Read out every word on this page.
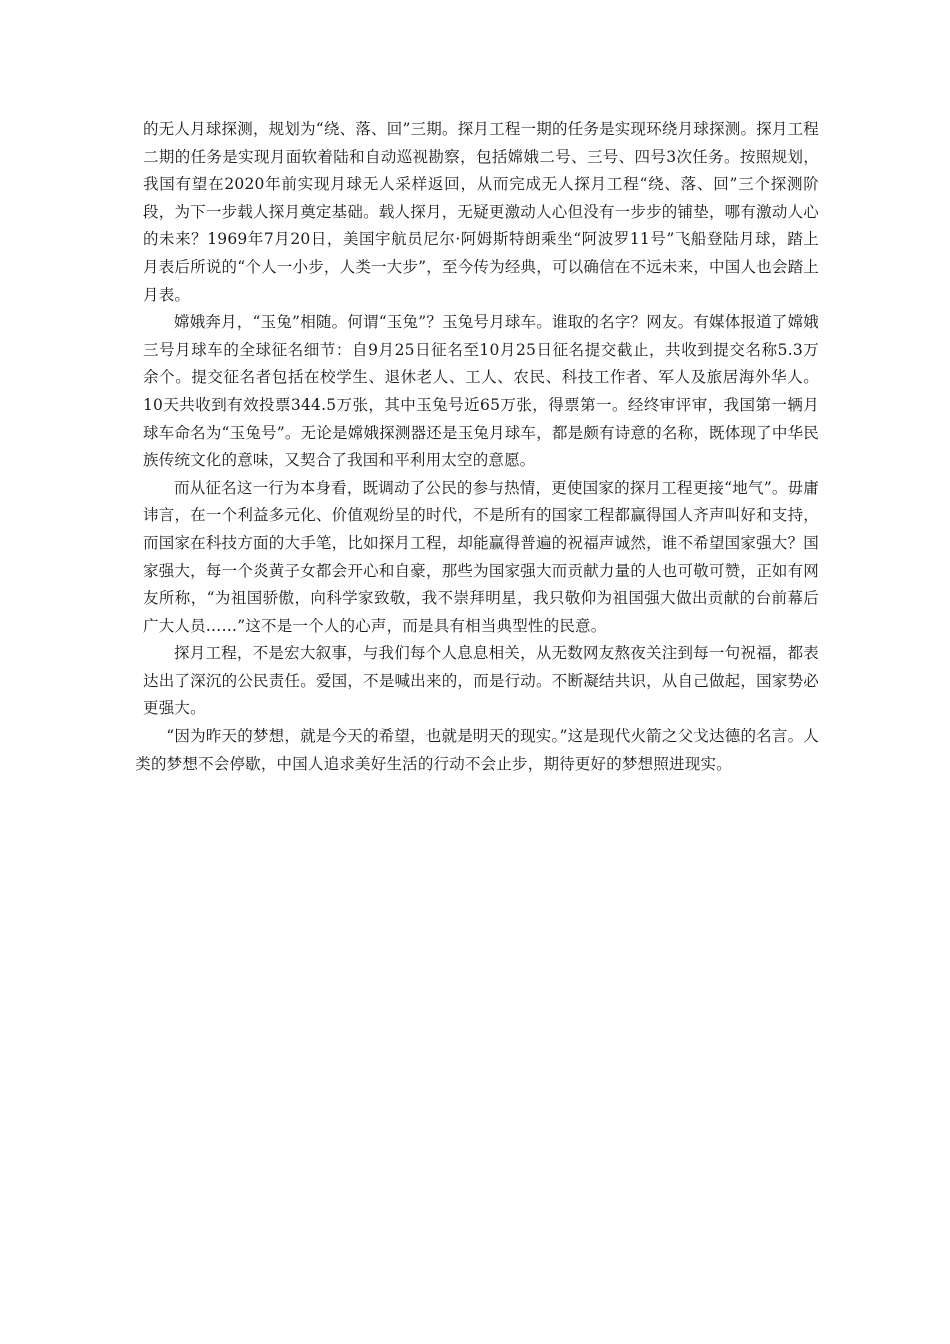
的无人月球探测，规划为“绕、落、回”三期。探月工程一期的任务是实现环绕月球探测。探月工程二期的任务是实现月面软着陆和自动巡视勘察，包括嫦娥二号、三号、四号3次任务。按照规划，我国有望在2020年前实现月球无人采样返回，从而完成无人探月工程“绕、落、回”三个探测阶段，为下一步载人探月奠定基础。载人探月，无疑更激动人心但没有一步步的铺垫，哪有激动人心的未来？1969年7月20日，美国宇航员尼尔·阿姆斯特朗乘坐“阿波罗11号”飞船登陆月球，踏上月表后所说的“个人一小步，人类一大步”，至今传为经典，可以确信在不远未来，中国人也会踏上月表。

嫦娥奔月，“玉兔”相随。何谓“玉兔”？玉兔号月球车。谁取的名字？网友。有媒体报道了嫦娥三号月球车的全球征名细节：自9月25日征名至10月25日征名提交截止，共收到提交名称5.3万余个。提交征名者包括在校学生、退休老人、工人、农民、科技工作者、军人及旅居海外华人。10天共收到有效投票344.5万张，其中玉兔号近65万张，得票第一。经终审评审，我国第一辆月球车命名为“玉兔号”。无论是嫦娥探测器还是玉兔月球车，都是颇有诗意的名称，既体现了中华民族传统文化的意味，又契合了我国和平利用太空的意愿。

而从征名这一行为本身看，既调动了公民的参与热情，更使国家的探月工程更接“地气”。毋庸讳言，在一个利益多元化、价值观纷呈的时代，不是所有的国家工程都赢得国人齐声叫好和支持，而国家在科技方面的大手笔，比如探月工程，却能赢得普遍的祝福声诚然，谁不希望国家强大？国家强大，每一个炎黄子女都会开心和自豪，那些为国家强大而贡献力量的人也可敬可赞，正如有网友所称，“为祖国骄傲，向科学家致敬，我不崇拜明星，我只敬仰为祖国强大做出贡献的台前幕后广大人员……”这不是一个人的心声，而是具有相当典型性的民意。

探月工程，不是宏大叙事，与我们每个人息息相关，从无数网友熬夜关注到每一句祝福，都表达出了深沉的公民责任。爱国，不是喊出来的，而是行动。不断凝结共识，从自己做起，国家势必更强大。

“因为昨天的梦想，就是今天的希望，也就是明天的现实。”这是现代火箭之父戈达德的名言。人类的梦想不会停歇，中国人追求美好生活的行动不会止步，期待更好的梦想照进现实。
